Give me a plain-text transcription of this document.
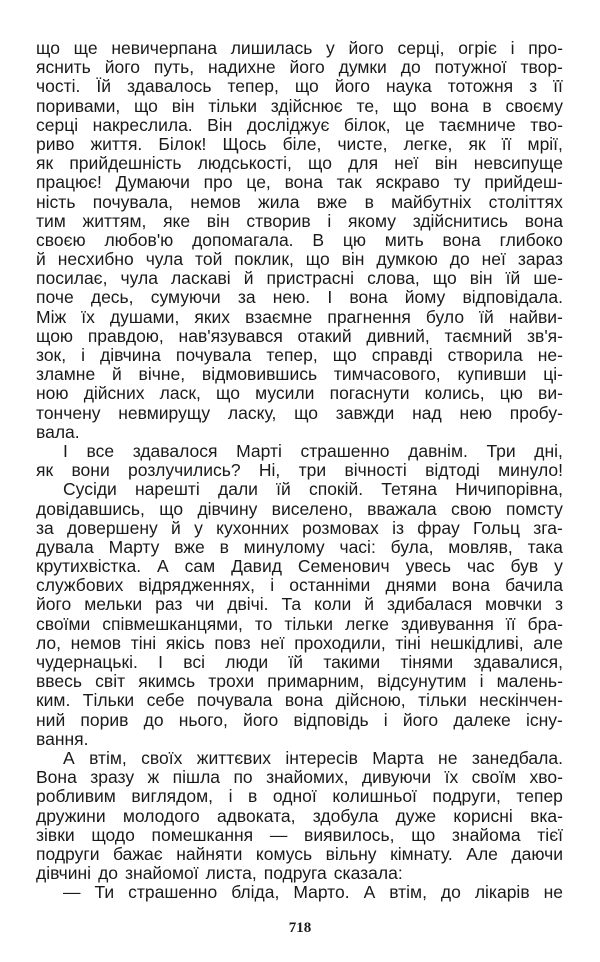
що ще невичерпана лишилась у його серці, огріє і про-
яснить його путь, надихне його думки до потужної твор-
чості. Їй здавалось тепер, що його наука тотожня з її
поривами, що він тільки здійснює те, що вона в своєму
серці накреслила. Він досліджує білок, це таємниче тво-
риво життя. Білок! Щось біле, чисте, легке, як її мрії,
як прийдешність людськості, що для неї він невсипуще
працює! Думаючи про це, вона так яскраво ту прийдеш-
ність почувала, немов жила вже в майбутніх століттях
тим життям, яке він створив і якому здійснитись вона
своєю любов'ю допомагала. В цю мить вона глибоко
й несхибно чула той поклик, що він думкою до неї зараз
посилає, чула ласкаві й пристрасні слова, що він їй ше-
поче десь, сумуючи за нею. І вона йому відповідала.
Між їх душами, яких взаємне прагнення було їй найви-
щою правдою, нав'язувався отакий дивний, таємний зв'я-
зок, і дівчина почувала тепер, що справді створила не-
зламне й вічне, відмовившись тимчасового, купивши ці-
ною дійсних ласк, що мусили погаснути колись, цю ви-
тончену невмирущу ласку, що завжди над нею пробу-
вала.
І все здавалося Марті страшенно давнім. Три дні,
як вони розлучились? Ні, три вічності відтоді минуло!
Сусіди нарешті дали їй спокій. Тетяна Ничипорівна,
довідавшись, що дівчину виселено, вважала свою помсту
за довершену й у кухонних розмовах із фрау Гольц зга-
дувала Марту вже в минулому часі: була, мовляв, така
крутихвістка. А сам Давид Семенович увесь час був у
службових відрядженнях, і останніми днями вона бачила
його мельки раз чи двічі. Та коли й здибалася мовчки з
своїми співмешканцями, то тільки легке здивування її бра-
ло, немов тіні якісь повз неї проходили, тіні нешкідливі, але
чудернацькі. І всі люди їй такими тінями здавалися,
ввесь світ якимсь трохи примарним, відсунутим і малень-
ким. Тільки себе почувала вона дійсною, тільки нескінчен-
ний порив до нього, його відповідь і його далеке існу-
вання.
А втім, своїх життєвих інтересів Марта не занедбала.
Вона зразу ж пішла по знайомих, дивуючи їх своїм хво-
робливим виглядом, і в одної колишньої подруги, тепер
дружини молодого адвоката, здобула дуже корисні вка-
зівки щодо помешкання — виявилось, що знайома тієї
подруги бажає найняти комусь вільну кімнату. Але даючи
дівчині до знайомої листа, подруга сказала:
— Ти страшенно бліда, Марто. А втім, до лікарів не
718
